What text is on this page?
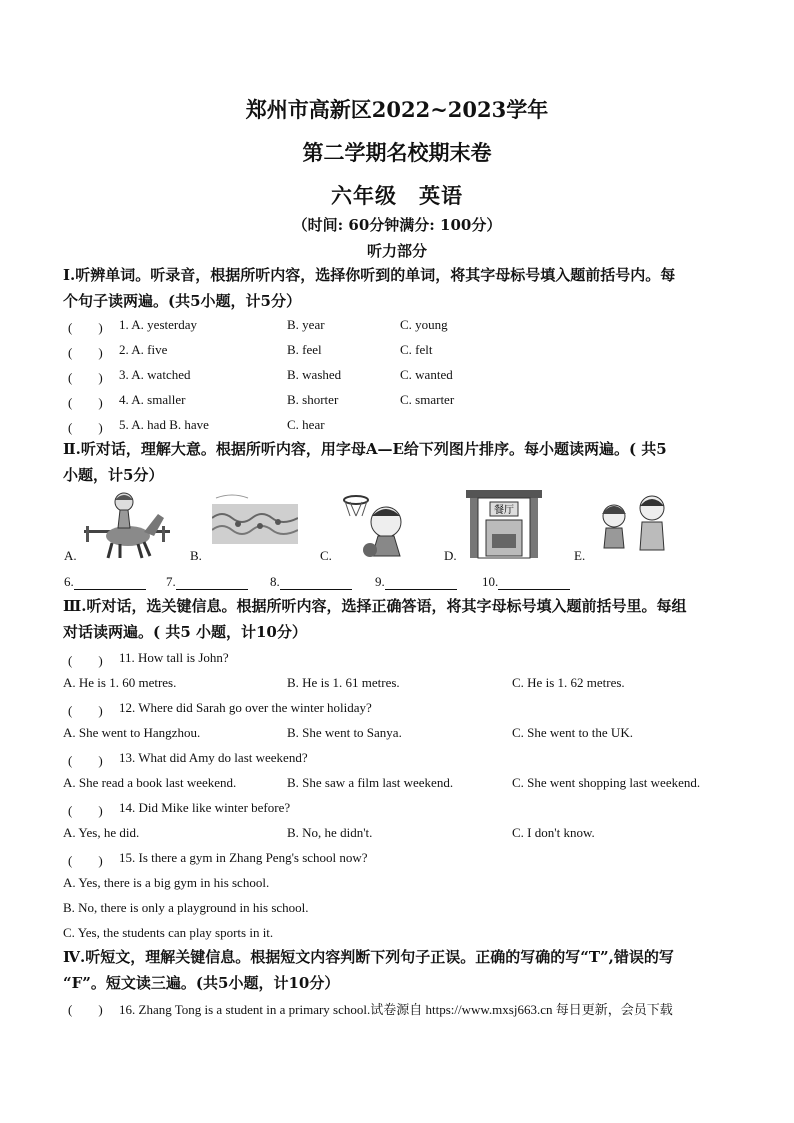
郑州市高新区2022~2023学年
第二学期名校期末卷
六年级　英语
（时间: 60分钟满分: 100分）
听力部分
Ⅰ.听辨单词。听录音，根据所听内容，选择你听到的单词，将其字母标号填入题前括号内。每
个句子读两遍。(共5小题，计5分）
(　　) 1. A. yesterday	B. year	C. young
(　　) 2. A. five	B. feel	C. felt
(　　) 3. A. watched	B. washed	C. wanted
(　　) 4. A. smaller	B. shorter	C. smarter
(　　) 5. A. had B. have	C. hear
Ⅱ.听对话，理解大意。根据所听内容，用字母A—E给下列图片排序。每小题读两遍。( 共5
小题，计5分）
A.	B.	C.
餐厅
D.	E.
6.	7.	8.	9.	10.
Ⅲ.听对话，选关键信息。根据所听内容，选择正确答语，将其字母标号填入题前括号里。每组
对话读两遍。( 共5 小题，计10分）
(　　) 11. How tall is John?
A. He is 1. 60 metres.	B. He is 1. 61 metres.	C. He is 1. 62 metres.
(　　) 12. Where did Sarah go over the winter holiday?
A. She went to Hangzhou.	B. She went to Sanya.	C. She went to the UK.
(　　) 13. What did Amy do last weekend?
A. She read a book last weekend.	B. She saw a film last weekend.	C. She went shopping last weekend.
(　　) 14. Did Mike like winter before?
A. Yes, he did.	B. No, he didn't.	C. I don't know.
(　　) 15. Is there a gym in Zhang Peng's school now?
A. Yes, there is a big gym in his school.
B. No, there is only a playground in his school.
C. Yes, the students can play sports in it.
Ⅳ.听短文，理解关键信息。根据短文内容判断下列句子正误。正确的写确的写“T”,错误的写
“F”。短文读三遍。(共5小题，计10分）
(　　) 16. Zhang Tong is a student in a primary school.试卷源自 https://www.mxsj663.cn 每日更新，会员下载
